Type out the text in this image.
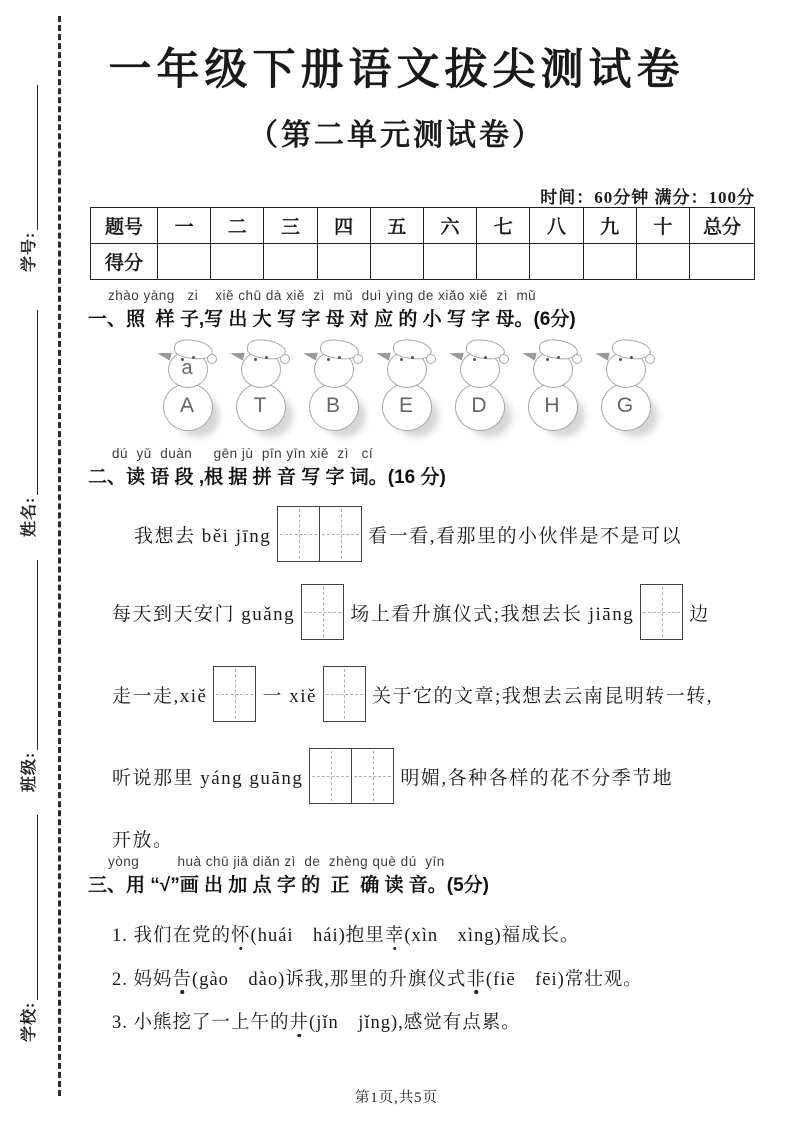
学号:
姓名:
班级:
学校:
一年级下册语文拔尖测试卷
（第二单元测试卷）
时间：60分钟 满分：100分
题号	一	二	三	四	五	六	七	八	九	十	总分
得分											
zhào yàng   zi    xiě chū dà xiě  zì  mǔ  duì yìng de xiǎo xiě  zì  mǔ
一、照  样 子,写 出 大 写 字 母 对 应 的 小 写 字 母。(6分)
a
A	T	B	E	D	H	G
dú  yǔ  duàn     gēn jù  pīn yīn xiě  zì   cí
二、读 语 段 ,根 据 拼 音 写 字 词。(16 分)
我想去 běi jīng	看一看,看那里的小伙伴是不是可以
每天到天安门 guǎng	场上看升旗仪式;我想去长 jiāng	边
走一走,xiě	一 xiě	关于它的文章;我想去云南昆明转一转,
听说那里 yáng guāng	明媚,各种各样的花不分季节地
开放。
yòng         huà chū jiā diǎn zì  de  zhèng què dú  yīn
三、用 “√”画 出 加 点 字 的  正  确 读 音。(5分)
1. 我们在党的怀(huái　hái)抱里幸(xìn　xìng)福成长。
2. 妈妈告(gào　dào)诉我,那里的升旗仪式非(fiē　fēi)常壮观。
3. 小熊挖了一上午的井(jǐn　jǐng),感觉有点累。
第1页,共5页
